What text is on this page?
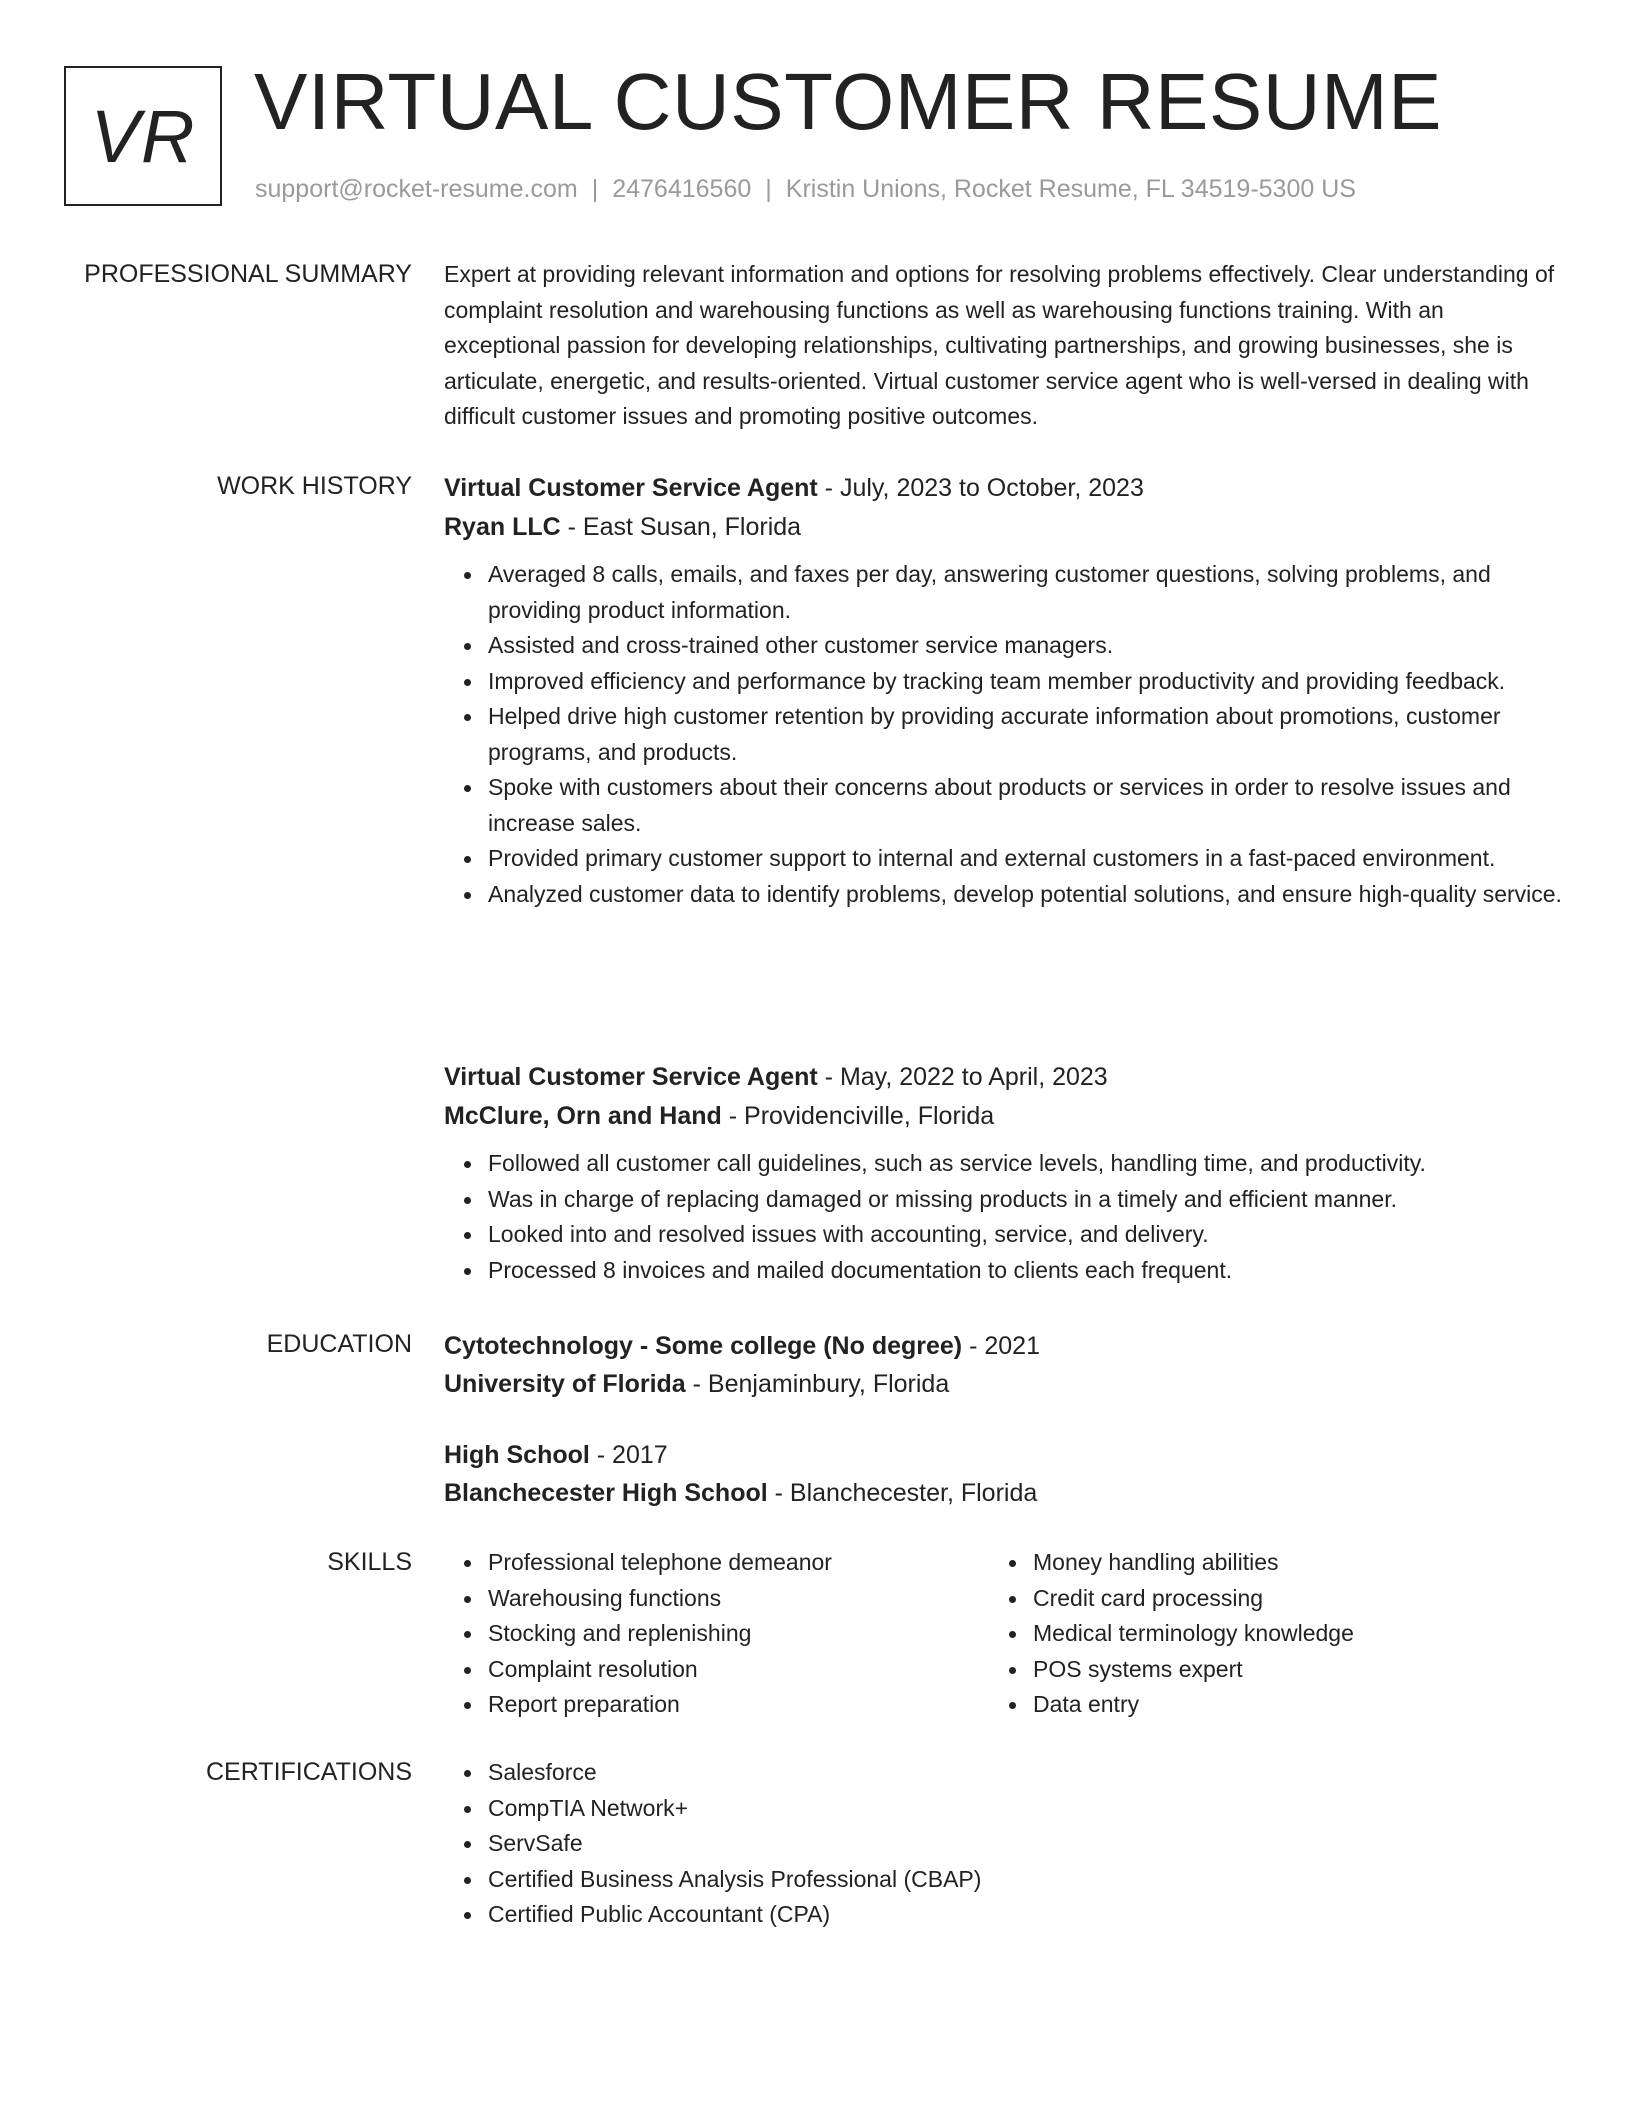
VR VIRTUAL CUSTOMER RESUME
support@rocket-resume.com | 2476416560 | Kristin Unions, Rocket Resume, FL 34519-5300 US
PROFESSIONAL SUMMARY Expert at providing relevant information and options for resolving problems effectively. Clear understanding of complaint resolution and warehousing functions as well as warehousing functions training. With an exceptional passion for developing relationships, cultivating partnerships, and growing businesses, she is articulate, energetic, and results-oriented. Virtual customer service agent who is well-versed in dealing with difficult customer issues and promoting positive outcomes.

WORK HISTORY Virtual Customer Service Agent - July, 2023 to October, 2023

Ryan LLC - East Susan, Florida

Averaged 8 calls, emails, and faxes per day, answering customer questions, solving problems, and providing product information.
Assisted and cross-trained other customer service managers.
Improved efficiency and performance by tracking team member productivity and providing feedback.
Helped drive high customer retention by providing accurate information about promotions, customer programs, and products.
Spoke with customers about their concerns about products or services in order to resolve issues and increase sales.
Provided primary customer support to internal and external customers in a fast-paced environment.
Analyzed customer data to identify problems, develop potential solutions, and ensure high-quality service.

Virtual Customer Service Agent - May, 2022 to April, 2023

McClure, Orn and Hand - Providenciville, Florida

Followed all customer call guidelines, such as service levels, handling time, and productivity.
Was in charge of replacing damaged or missing products in a timely and efficient manner.
Looked into and resolved issues with accounting, service, and delivery.
Processed 8 invoices and mailed documentation to clients each frequent.
EDUCATION Cytotechnology - Some college (No degree) - 2021

University of Florida - Benjaminbury, Florida

High School - 2017

Blanchecester High School - Blanchecester, Florida

SKILLS	Professional telephone demeanor
Warehousing functions
Stocking and replenishing
Complaint resolution
Report preparation
Money handling abilities
Credit card processing
Medical terminology knowledge
POS systems expert
Data entry
CERTIFICATIONS	Salesforce
CompTIA Network+
ServSafe
Certified Business Analysis Professional (CBAP)
Certified Public Accountant (CPA)
